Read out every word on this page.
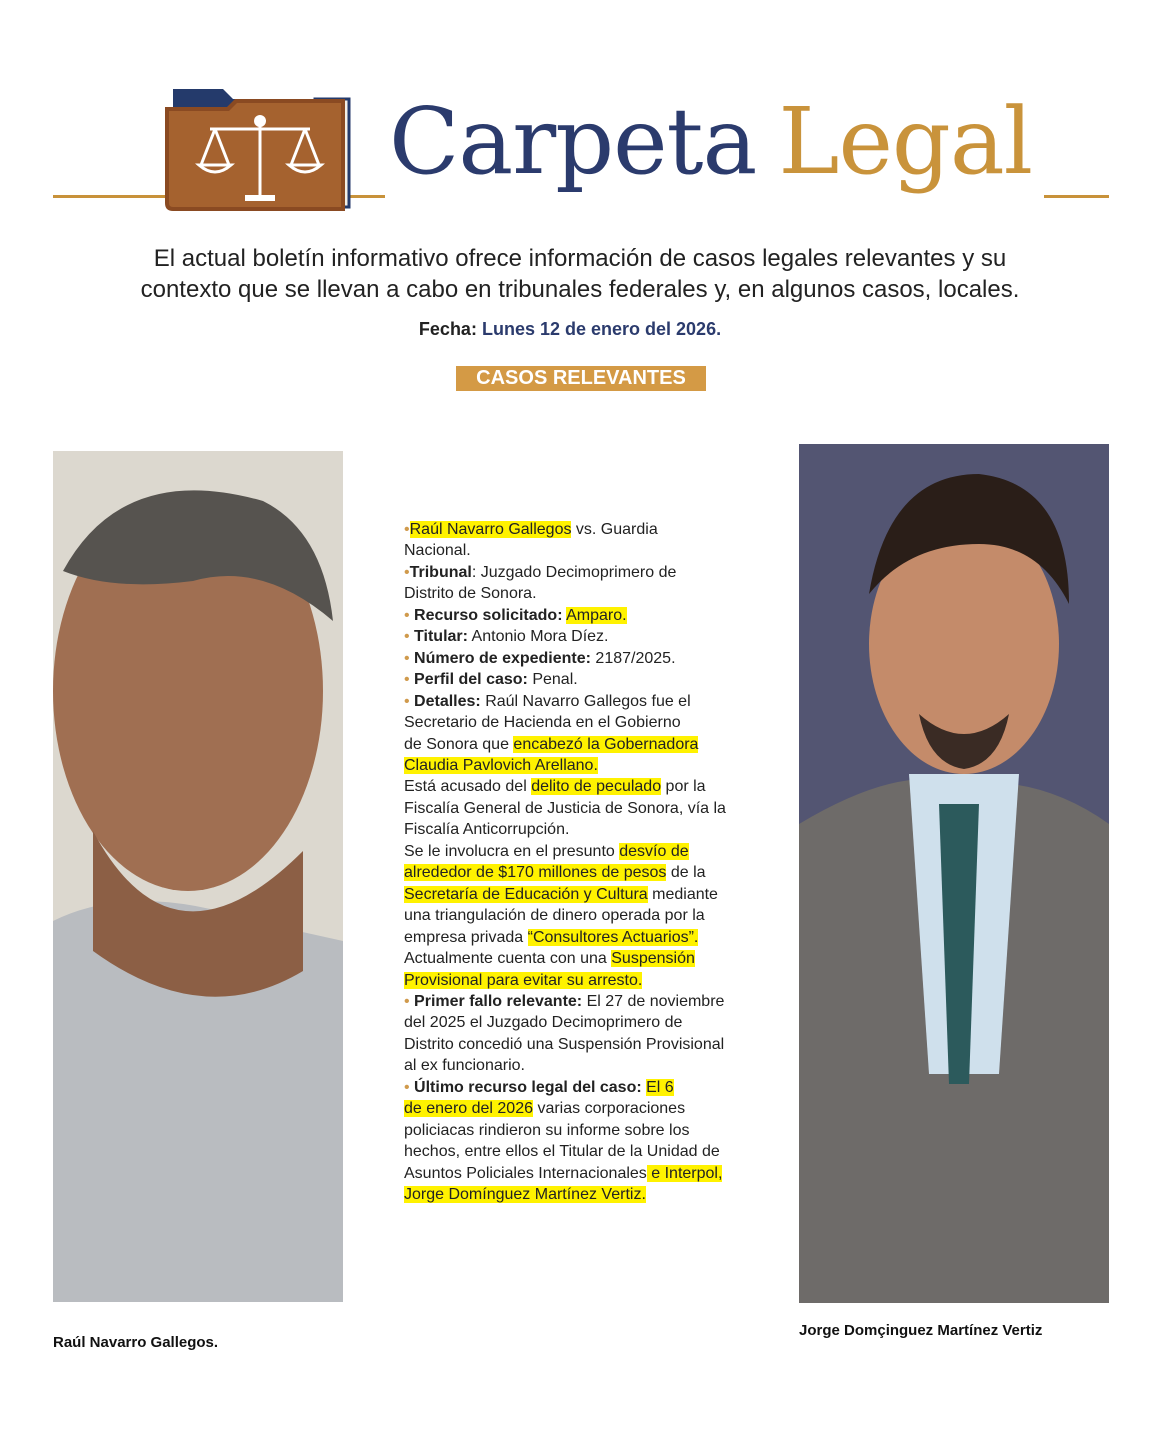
Carpeta Legal
El actual boletín informativo ofrece información de casos legales relevantes y su
contexto que se llevan a cabo en tribunales federales y, en algunos casos, locales.
Fecha: Lunes 12 de enero del 2026.
CASOS RELEVANTES
•Raúl Navarro Gallegos vs. Guardia
Nacional.
•Tribunal: Juzgado Decimoprimero de
Distrito de Sonora.
• Recurso solicitado: Amparo.
• Titular: Antonio Mora Díez.
• Número de expediente: 2187/2025.
• Perfil del caso: Penal.
• Detalles: Raúl Navarro Gallegos fue el
Secretario de Hacienda en el Gobierno
de Sonora que encabezó la Gobernadora
Claudia Pavlovich Arellano.
Está acusado del delito de peculado por la
Fiscalía General de Justicia de Sonora, vía la
Fiscalía Anticorrupción.
Se le involucra en el presunto desvío de
alrededor de $170 millones de pesos de la
Secretaría de Educación y Cultura mediante
una triangulación de dinero operada por la
empresa privada “Consultores Actuarios”.
Actualmente cuenta con una Suspensión
Provisional para evitar su arresto.
• Primer fallo relevante: El 27 de noviembre
del 2025 el Juzgado Decimoprimero de
Distrito concedió una Suspensión Provisional
al ex funcionario.
• Último recurso legal del caso: El 6
de enero del 2026 varias corporaciones
policiacas rindieron su informe sobre los
hechos, entre ellos el Titular de la Unidad de
Asuntos Policiales Internacionales e Interpol,
Jorge Domínguez Martínez Vertiz.
Raúl Navarro Gallegos.
Jorge Domçinguez Martínez Vertiz
